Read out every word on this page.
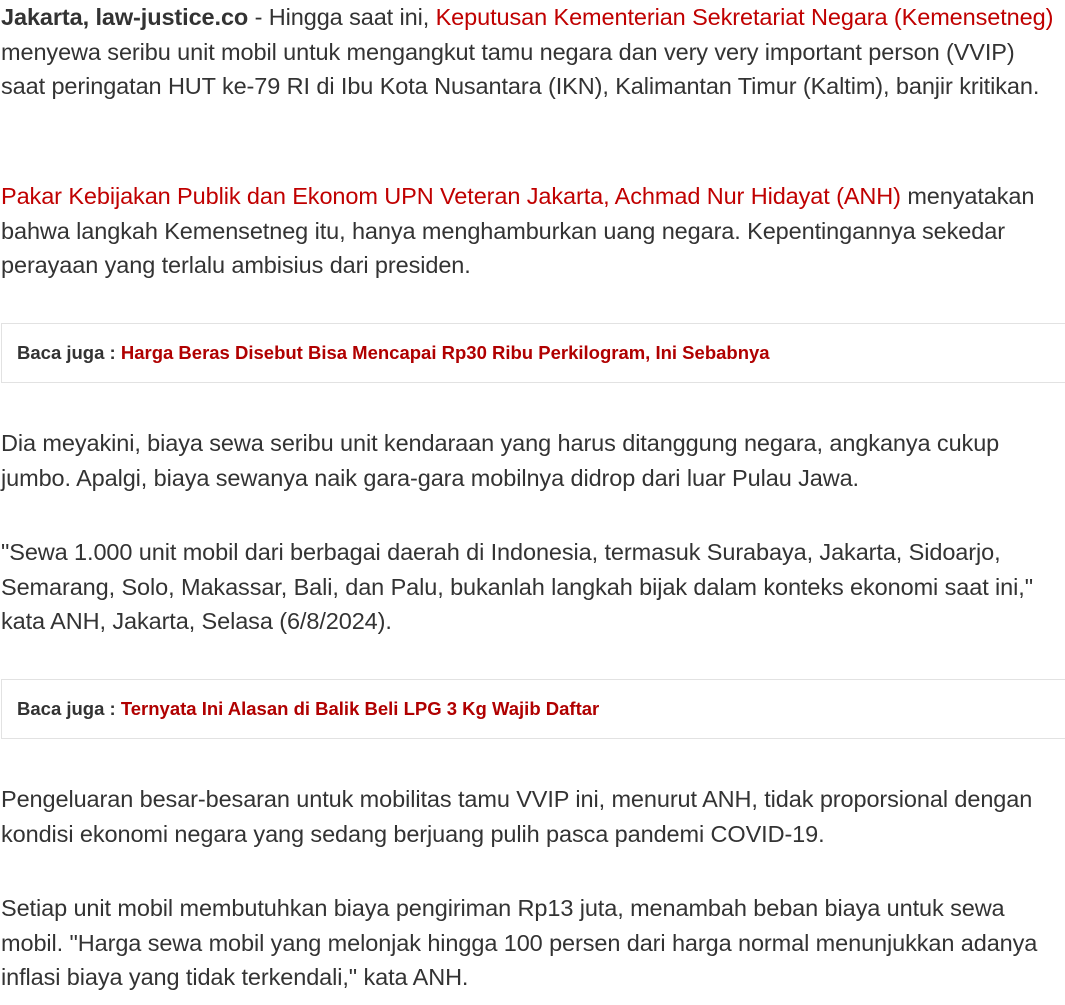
Jakarta, law-justice.co - Hingga saat ini, Keputusan Kementerian Sekretariat Negara (Kemensetneg) menyewa seribu unit mobil untuk mengangkut tamu negara dan very very important person (VVIP) saat peringatan HUT ke-79 RI di Ibu Kota Nusantara (IKN), Kalimantan Timur (Kaltim), banjir kritikan.

Pakar Kebijakan Publik dan Ekonom UPN Veteran Jakarta, Achmad Nur Hidayat (ANH) menyatakan bahwa langkah Kemensetneg itu, hanya menghamburkan uang negara. Kepentingannya sekedar perayaan yang terlalu ambisius dari presiden.

Baca juga : Harga Beras Disebut Bisa Mencapai Rp30 Ribu Perkilogram, Ini Sebabnya

Dia meyakini, biaya sewa seribu unit kendaraan yang harus ditanggung negara, angkanya cukup jumbo. Apalgi, biaya sewanya naik gara-gara mobilnya didrop dari luar Pulau Jawa.

"Sewa 1.000 unit mobil dari berbagai daerah di Indonesia, termasuk Surabaya, Jakarta, Sidoarjo, Semarang, Solo, Makassar, Bali, dan Palu, bukanlah langkah bijak dalam konteks ekonomi saat ini," kata ANH, Jakarta, Selasa (6/8/2024).

Baca juga : Ternyata Ini Alasan di Balik Beli LPG 3 Kg Wajib Daftar

Pengeluaran besar-besaran untuk mobilitas tamu VVIP ini, menurut ANH, tidak proporsional dengan kondisi ekonomi negara yang sedang berjuang pulih pasca pandemi COVID-19.

Setiap unit mobil membutuhkan biaya pengiriman Rp13 juta, menambah beban biaya untuk sewa mobil. "Harga sewa mobil yang melonjak hingga 100 persen dari harga normal menunjukkan adanya inflasi biaya yang tidak terkendali," kata ANH.
